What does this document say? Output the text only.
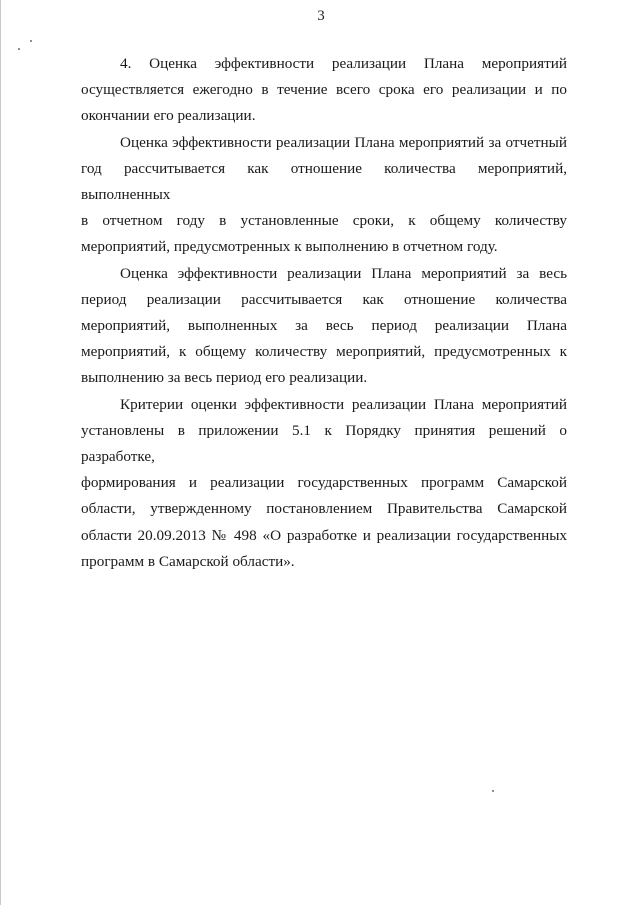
3
4. Оценка эффективности реализации Плана мероприятий
осуществляется ежегодно в течение всего срока его реализации и по
окончании его реализации.
Оценка эффективности реализации Плана мероприятий за отчетный
год рассчитывается как отношение количества мероприятий, выполненных
в отчетном году в установленные сроки, к общему количеству
мероприятий, предусмотренных к выполнению в отчетном году.
Оценка эффективности реализации Плана мероприятий за весь
период реализации рассчитывается как отношение количества
мероприятий, выполненных за весь период реализации Плана
мероприятий, к общему количеству мероприятий, предусмотренных к
выполнению за весь период его реализации.
Критерии оценки эффективности реализации Плана мероприятий
установлены в приложении 5.1 к Порядку принятия решений о разработке,
формирования и реализации государственных программ Самарской
области, утвержденному постановлением Правительства Самарской
области 20.09.2013 № 498 «О разработке и реализации государственных
программ в Самарской области».
